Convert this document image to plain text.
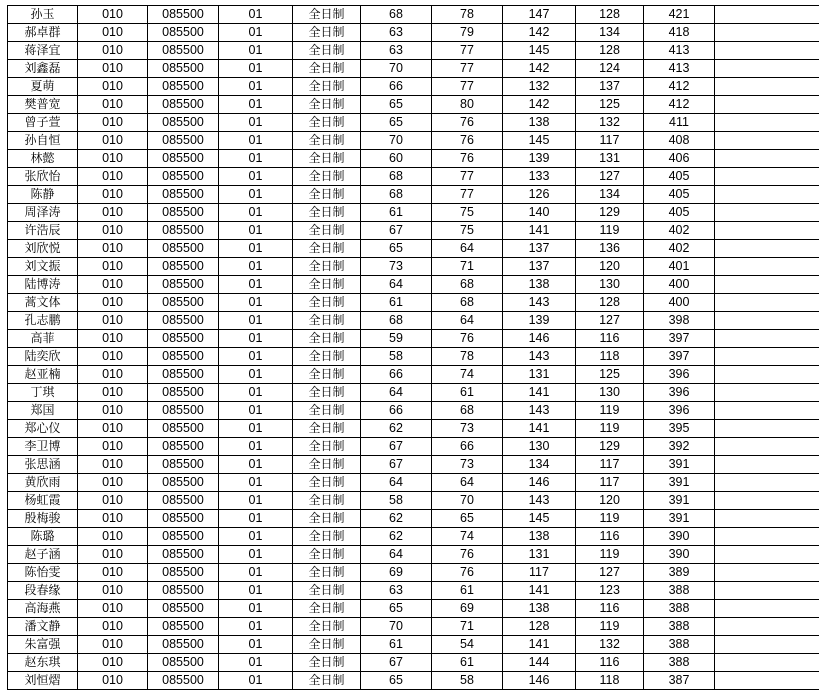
孙玉	010	085500	01	全日制	68	78	147	128	421	
郝卓群	010	085500	01	全日制	63	79	142	134	418	
蒋泽宜	010	085500	01	全日制	63	77	145	128	413	
刘鑫磊	010	085500	01	全日制	70	77	142	124	413	
夏萌	010	085500	01	全日制	66	77	132	137	412	
樊普宽	010	085500	01	全日制	65	80	142	125	412	
曾子萱	010	085500	01	全日制	65	76	138	132	411	
孙自恒	010	085500	01	全日制	70	76	145	117	408	
林懿	010	085500	01	全日制	60	76	139	131	406	
张欣怡	010	085500	01	全日制	68	77	133	127	405	
陈静	010	085500	01	全日制	68	77	126	134	405	
周泽涛	010	085500	01	全日制	61	75	140	129	405	
许浩辰	010	085500	01	全日制	67	75	141	119	402	
刘欣悦	010	085500	01	全日制	65	64	137	136	402	
刘文振	010	085500	01	全日制	73	71	137	120	401	
陆博涛	010	085500	01	全日制	64	68	138	130	400	
蒿文体	010	085500	01	全日制	61	68	143	128	400	
孔志鹏	010	085500	01	全日制	68	64	139	127	398	
高菲	010	085500	01	全日制	59	76	146	116	397	
陆奕欣	010	085500	01	全日制	58	78	143	118	397	
赵亚楠	010	085500	01	全日制	66	74	131	125	396	
丁琪	010	085500	01	全日制	64	61	141	130	396	
郑国	010	085500	01	全日制	66	68	143	119	396	
郑心仪	010	085500	01	全日制	62	73	141	119	395	
李卫博	010	085500	01	全日制	67	66	130	129	392	
张思涵	010	085500	01	全日制	67	73	134	117	391	
黄欣雨	010	085500	01	全日制	64	64	146	117	391	
杨虹霞	010	085500	01	全日制	58	70	143	120	391	
殷梅骏	010	085500	01	全日制	62	65	145	119	391	
陈璐	010	085500	01	全日制	62	74	138	116	390	
赵子涵	010	085500	01	全日制	64	76	131	119	390	
陈怡雯	010	085500	01	全日制	69	76	117	127	389	
段春缘	010	085500	01	全日制	63	61	141	123	388	
高海燕	010	085500	01	全日制	65	69	138	116	388	
潘文静	010	085500	01	全日制	70	71	128	119	388	
朱富强	010	085500	01	全日制	61	54	141	132	388	
赵东琪	010	085500	01	全日制	67	61	144	116	388	
刘恒熠	010	085500	01	全日制	65	58	146	118	387	
